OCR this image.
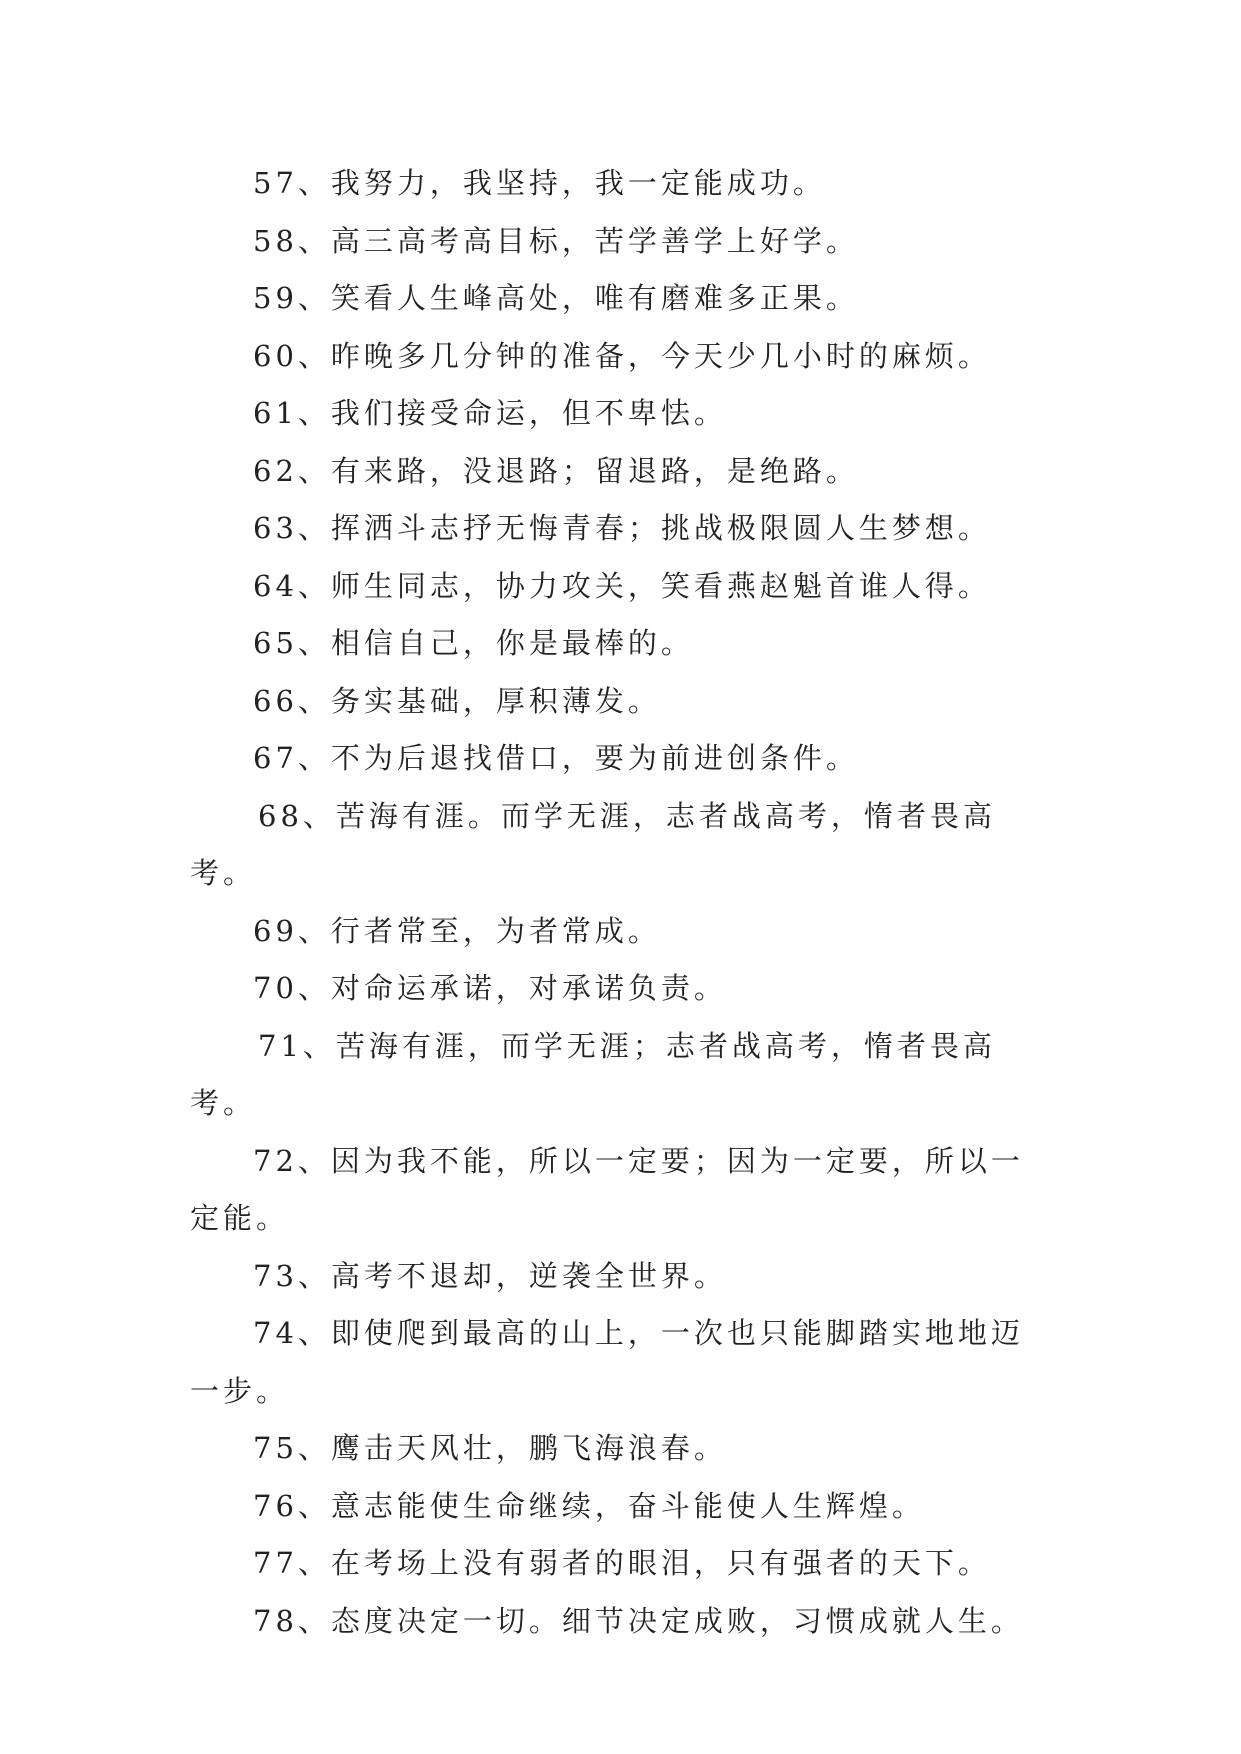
57、我努力，我坚持，我一定能成功。

58、高三高考高目标，苦学善学上好学。

59、笑看人生峰高处，唯有磨难多正果。

60、昨晚多几分钟的准备，今天少几小时的麻烦。

61、我们接受命运，但不卑怯。

62、有来路，没退路；留退路，是绝路。

63、挥洒斗志抒无悔青春；挑战极限圆人生梦想。

64、师生同志，协力攻关，笑看燕赵魁首谁人得。

65、相信自己，你是最棒的。

66、务实基础，厚积薄发。

67、不为后退找借口，要为前进创条件。

68、苦海有涯。而学无涯，志者战高考，惰者畏高考。

69、行者常至，为者常成。

70、对命运承诺，对承诺负责。

71、苦海有涯，而学无涯；志者战高考，惰者畏高考。

72、因为我不能，所以一定要；因为一定要，所以一定能。

73、高考不退却，逆袭全世界。

74、即使爬到最高的山上，一次也只能脚踏实地地迈一步。

75、鹰击天风壮，鹏飞海浪春。

76、意志能使生命继续，奋斗能使人生辉煌。

77、在考场上没有弱者的眼泪，只有强者的天下。

78、态度决定一切。细节决定成败，习惯成就人生。
